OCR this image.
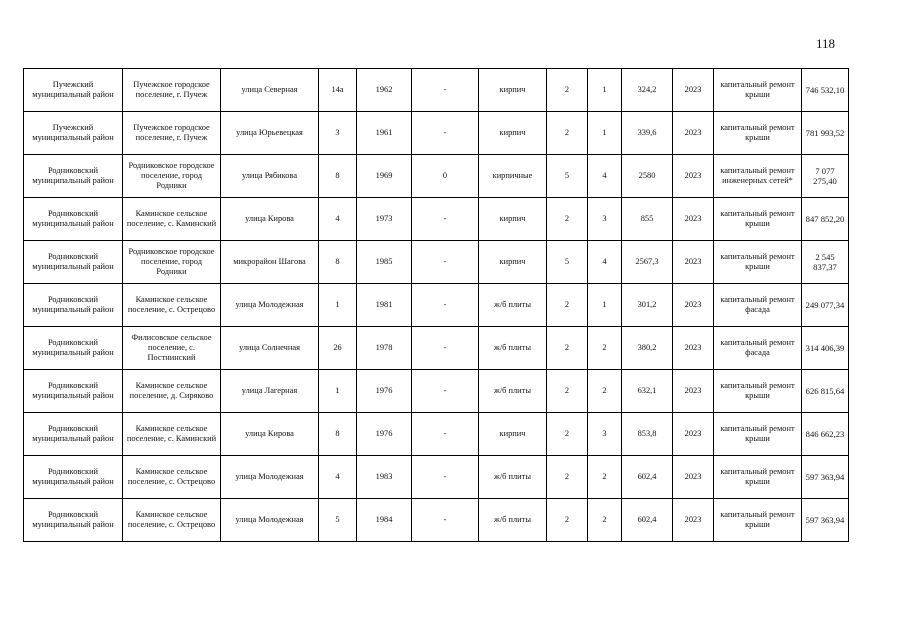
118
Пучежский муниципальный район	Пучежское городское поселение, г. Пучеж	улица Северная	14а	1962	-	кирпич	2	1	324,2	2023	капитальный ремонт крыши	746 532,10
Пучежский муниципальный район	Пучежское городское поселение, г. Пучеж	улица Юрьевецкая	3	1961	-	кирпич	2	1	339,6	2023	капитальный ремонт крыши	781 993,52
Родниковский муниципальный район	Родниковское городское поселение, город Родники	улица Рябикова	8	1969	0	кирпичные	5	4	2580	2023	капитальный ремонт инженерных сетей*	7 077 275,40
Родниковский муниципальный район	Каминское сельское поселение, с. Каминский	улица Кирова	4	1973	-	кирпич	2	3	855	2023	капитальный ремонт крыши	847 852,20
Родниковский муниципальный район	Родниковское городское поселение, город Родники	микрорайон Шагова	8	1985	-	кирпич	5	4	2567,3	2023	капитальный ремонт крыши	2 545 837,37
Родниковский муниципальный район	Каминское сельское поселение, с. Острецово	улица Молодежная	1	1981	-	ж/б плиты	2	1	301,2	2023	капитальный ремонт фасада	249 077,34
Родниковский муниципальный район	Филисовское сельское поселение, с. Постнинский	улица Солнечная	26	1978	-	ж/б плиты	2	2	380,2	2023	капитальный ремонт фасада	314 406,39
Родниковский муниципальный район	Каминское сельское поселение, д. Сиряково	улица Лагерная	1	1976	-	ж/б плиты	2	2	632,1	2023	капитальный ремонт крыши	626 815,64
Родниковский муниципальный район	Каминское сельское поселение, с. Каминский	улица Кирова	8	1976	-	кирпич	2	3	853,8	2023	капитальный ремонт крыши	846 662,23
Родниковский муниципальный район	Каминское сельское поселение, с. Острецово	улица Молодежная	4	1983	-	ж/б плиты	2	2	602,4	2023	капитальный ремонт крыши	597 363,94
Родниковский муниципальный район	Каминское сельское поселение, с. Острецово	улица Молодежная	5	1984	-	ж/б плиты	2	2	602,4	2023	капитальный ремонт крыши	597 363,94
